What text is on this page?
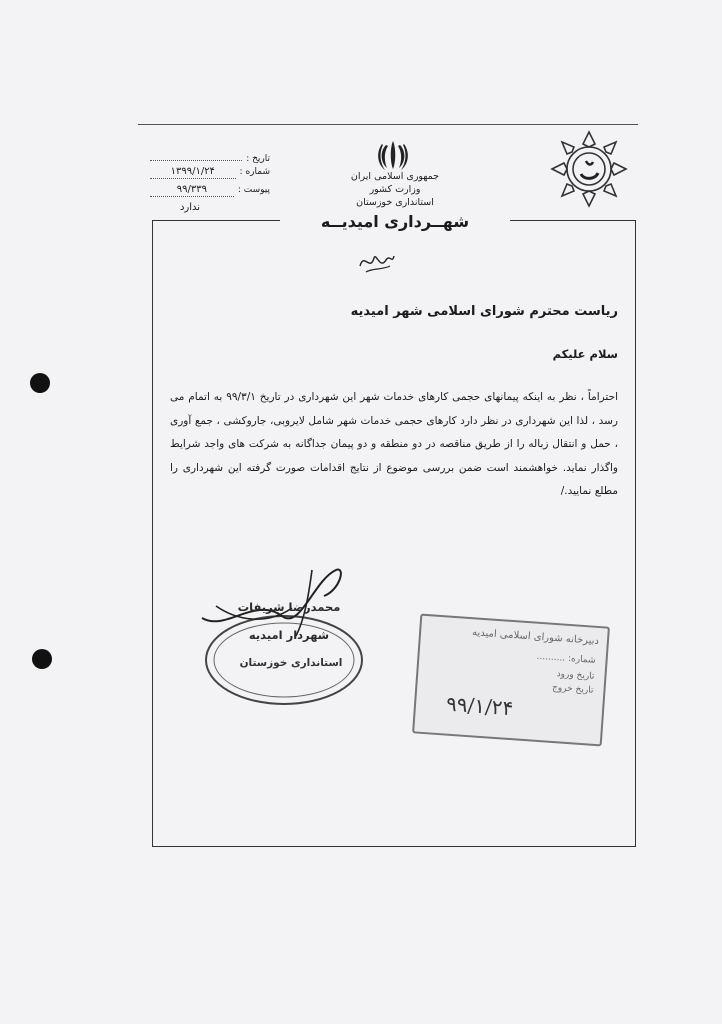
تاریخ :
شماره :
۱۳۹۹/۱/۲۴
پیوست :
۹۹/۳۳۹
ندارد
جمهوری اسلامی ایران
وزارت کشور
استانداری خوزستان
شهــرداری امیدیــه
ریاست محترم شورای اسلامی شهر امیدیه
سلام علیکم
احتراماً ، نظر به اینکه پیمانهای حجمی کارهای خدمات شهر این شهرداری در تاریخ ۹۹/۳/۱ به اتمام می رسد ، لذا این شهرداری در نظر دارد کارهای حجمی خدمات شهر شامل لایروبی، جاروکشی ، جمع آوری ، حمل و انتقال زباله را از طریق مناقصه در دو منطقه و دو پیمان جداگانه به شرکت های واجد شرایط واگذار نماید. خواهشمند است ضمن بررسی موضوع از نتایج اقدامات صورت گرفته این شهرداری را مطلع نمایید./
محمدرضا شریفات
شهردار امیدیه
استانداری خوزستان
دبیرخانه شورای اسلامی امیدیه
شماره: ..........
تاریخ ورود
تاریخ خروج
۹۹/۱/۲۴
